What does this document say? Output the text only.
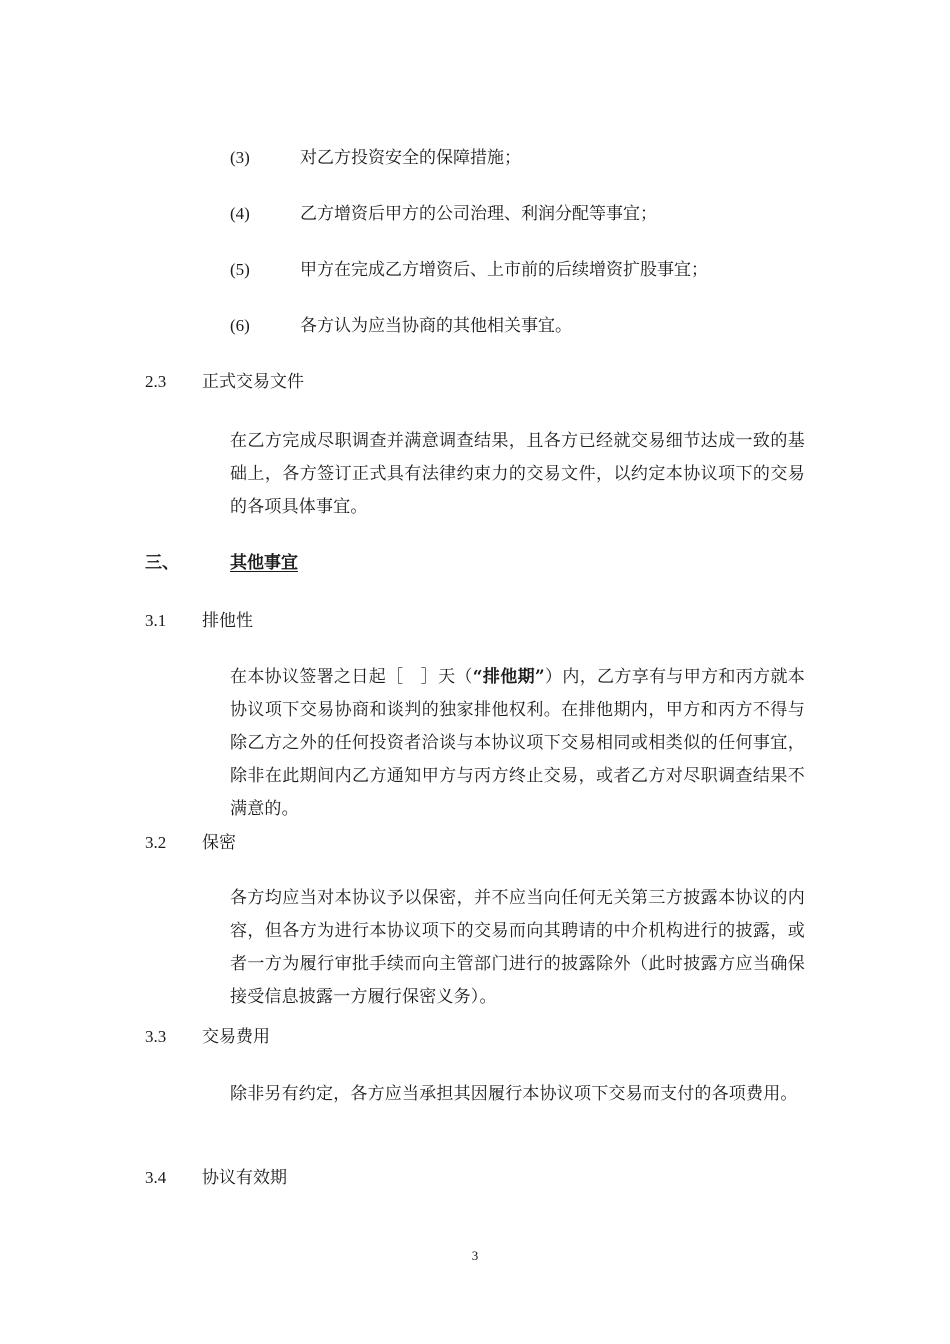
(3)	对乙方投资安全的保障措施；
(4)	乙方增资后甲方的公司治理、利润分配等事宜；
(5)	甲方在完成乙方增资后、上市前的后续增资扩股事宜；
(6)	各方认为应当协商的其他相关事宜。
2.3 正式交易文件
在乙方完成尽职调查并满意调查结果，且各方已经就交易细节达成一致的基础上，各方签订正式具有法律约束力的交易文件，以约定本协议项下的交易的各项具体事宜。
三、	其他事宜
3.1 排他性
在本协议签署之日起［　］天（“排他期”）内，乙方享有与甲方和丙方就本协议项下交易协商和谈判的独家排他权利。在排他期内，甲方和丙方不得与除乙方之外的任何投资者洽谈与本协议项下交易相同或相类似的任何事宜，除非在此期间内乙方通知甲方与丙方终止交易，或者乙方对尽职调查结果不满意的。
3.2 保密
各方均应当对本协议予以保密，并不应当向任何无关第三方披露本协议的内容，但各方为进行本协议项下的交易而向其聘请的中介机构进行的披露，或者一方为履行审批手续而向主管部门进行的披露除外（此时披露方应当确保接受信息披露一方履行保密义务）。
3.3 交易费用
除非另有约定，各方应当承担其因履行本协议项下交易而支付的各项费用。
3.4 协议有效期
3
